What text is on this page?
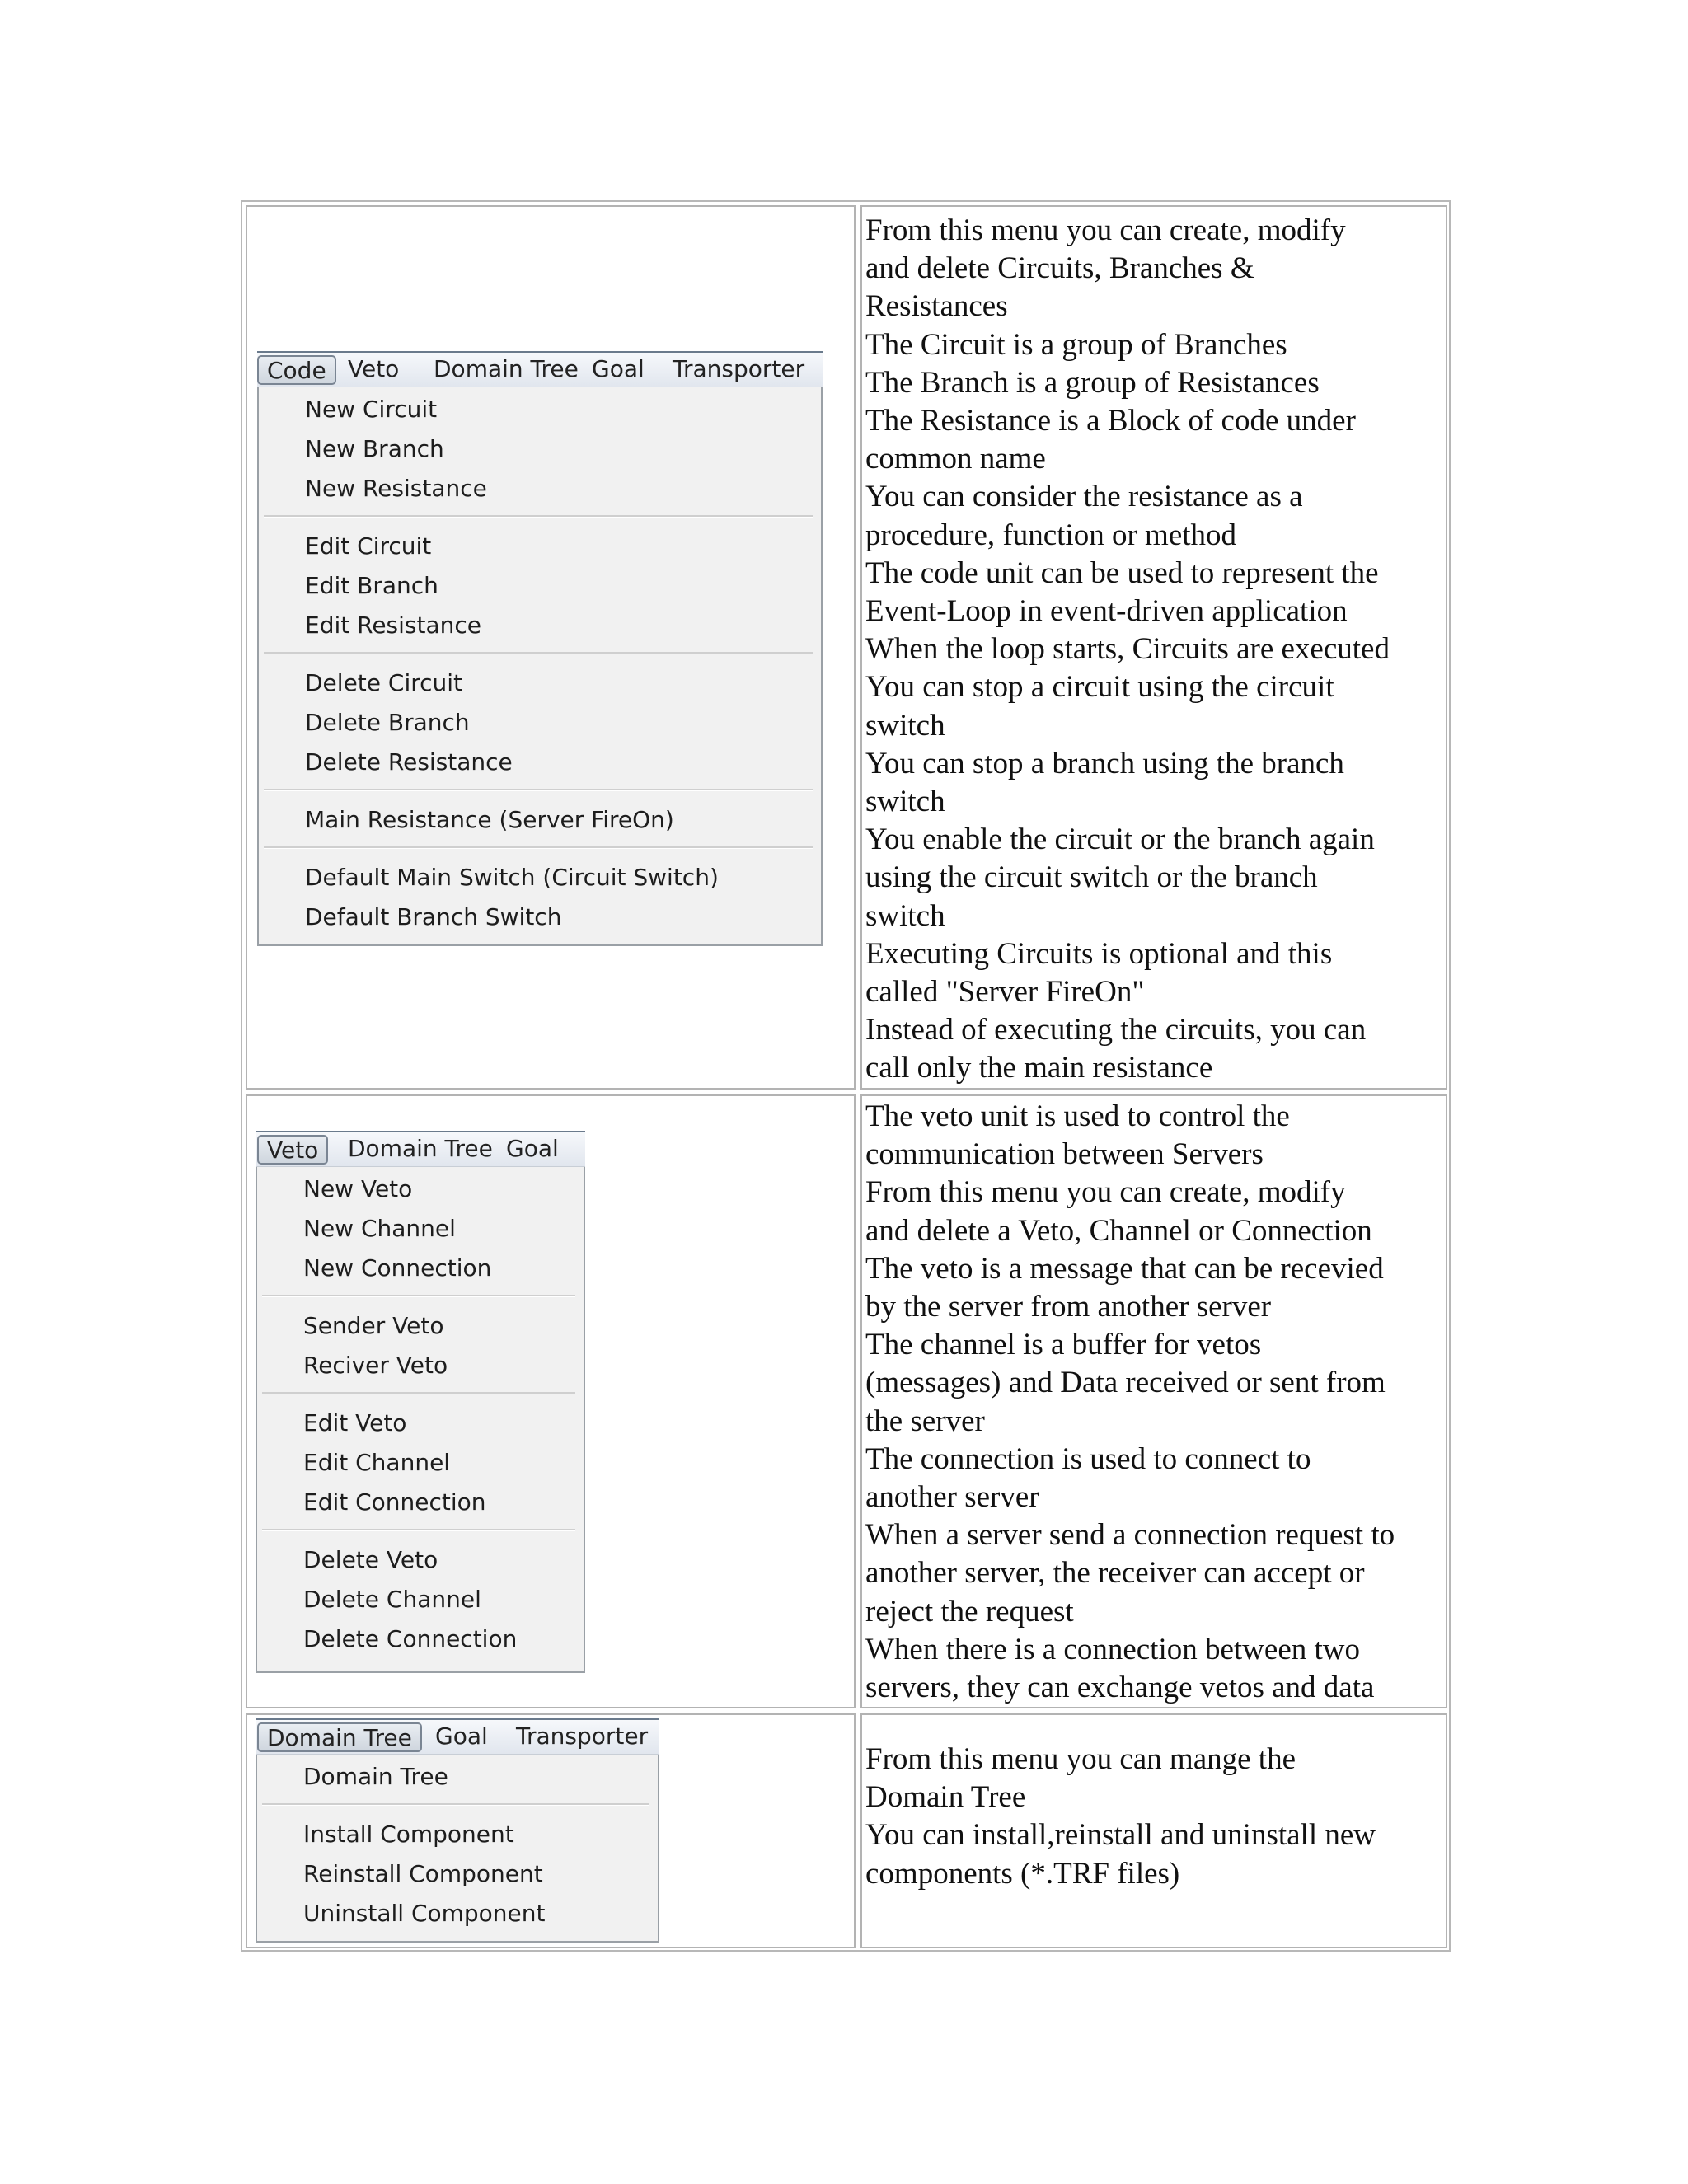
Code Veto	Domain Tree Goal	Transporter
New Circuit
New Branch
New Resistance
Edit Circuit
Edit Branch
Edit Resistance
Delete Circuit
Delete Branch
Delete Resistance
Main Resistance (Server FireOn)
Default Main Switch (Circuit Switch)
Default Branch Switch
From this menu you can create, modify
and delete Circuits, Branches &
Resistances
The Circuit is a group of Branches
The Branch is a group of Resistances
The Resistance is a Block of code under
common name
You can consider the resistance as a
procedure, function or method
The code unit can be used to represent the
Event-Loop in event-driven application
When the loop starts, Circuits are executed
You can stop a circuit using the circuit
switch
You can stop a branch using the branch
switch
You enable the circuit or the branch again
using the circuit switch or the branch
switch
Executing Circuits is optional and this
called "Server FireOn"
Instead of executing the circuits, you can
call only the main resistance
Veto	Domain Tree Goal
New Veto
New Channel
New Connection
Sender Veto
Reciver Veto
Edit Veto
Edit Channel
Edit Connection
Delete Veto
Delete Channel
Delete Connection
The veto unit is used to control the
communication between Servers
From this menu you can create, modify
and delete a Veto, Channel or Connection
The veto is a message that can be recevied
by the server from another server
The channel is a buffer for vetos
(messages) and Data received or sent from
the server
The connection is used to connect to
another server
When a server send a connection request to
another server, the receiver can accept or
reject the request
When there is a connection between two
servers, they can exchange vetos and data
Domain Tree	Goal	Transporter
Domain Tree
Install Component
Reinstall Component
Uninstall Component
From this menu you can mange the
Domain Tree
You can install,reinstall and uninstall new
components (*.TRF files)
